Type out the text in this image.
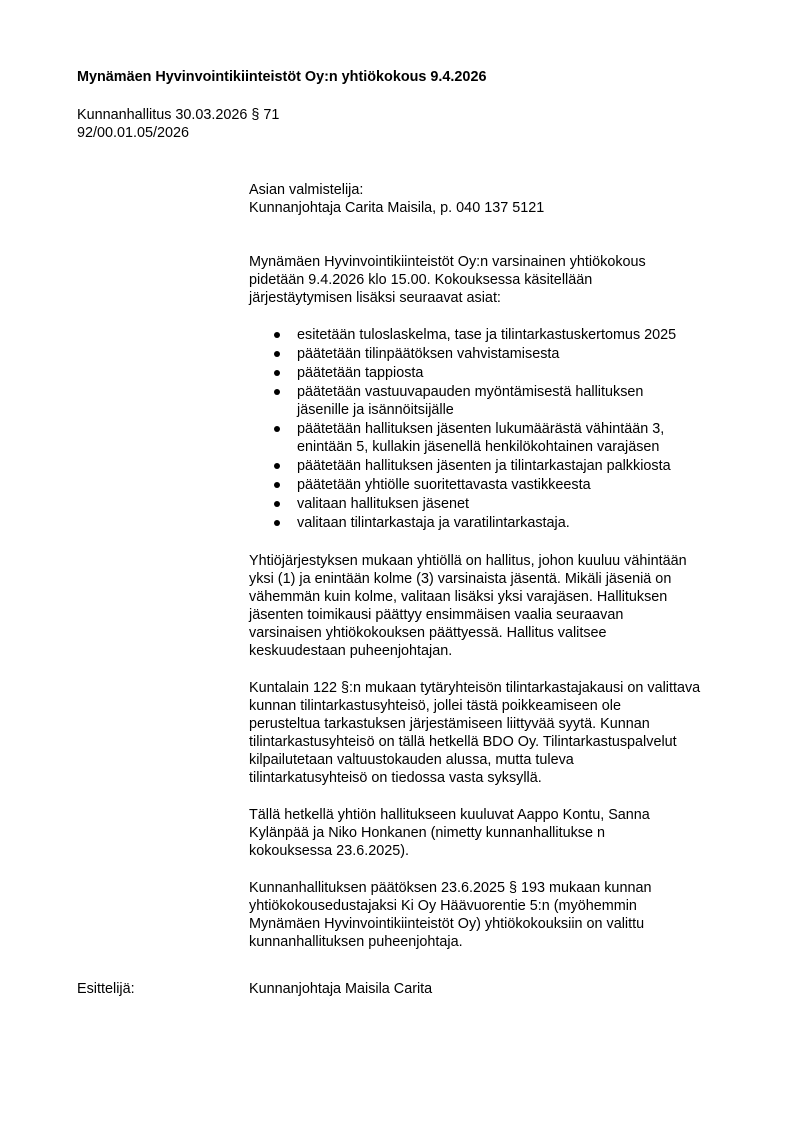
Mynämäen Hyvinvointikiinteistöt Oy:n yhtiökokous 9.4.2026
Kunnanhallitus 30.03.2026 § 71
92/00.01.05/2026
Asian valmistelija:
Kunnanjohtaja Carita Maisila, p. 040 137 5121
Mynämäen Hyvinvointikiinteistöt Oy:n varsinainen yhtiökokous
pidetään 9.4.2026 klo 15.00. Kokouksessa käsitellään
järjestäytymisen lisäksi seuraavat asiat:
esitetään tuloslaskelma, tase ja tilintarkastuskertomus 2025
päätetään tilinpäätöksen vahvistamisesta
päätetään tappiosta
päätetään vastuuvapauden myöntämisestä hallituksen
jäsenille ja isännöitsijälle
päätetään hallituksen jäsenten lukumäärästä vähintään 3,
enintään 5, kullakin jäsenellä henkilökohtainen varajäsen
päätetään hallituksen jäsenten ja tilintarkastajan palkkiosta
päätetään yhtiölle suoritettavasta vastikkeesta
valitaan hallituksen jäsenet
valitaan tilintarkastaja ja varatilintarkastaja.
Yhtiöjärjestyksen mukaan yhtiöllä on hallitus, johon kuuluu vähintään
yksi (1) ja enintään kolme (3) varsinaista jäsentä. Mikäli jäseniä on
vähemmän kuin kolme, valitaan lisäksi yksi varajäsen. Hallituksen
jäsenten toimikausi päättyy ensimmäisen vaalia seuraavan
varsinaisen yhtiökokouksen päättyessä. Hallitus valitsee
keskuudestaan puheenjohtajan.
Kuntalain 122 §:n mukaan tytäryhteisön tilintarkastajakausi on valittava
kunnan tilintarkastusyhteisö, jollei tästä poikkeamiseen ole
perusteltua tarkastuksen järjestämiseen liittyvää syytä. Kunnan
tilintarkastusyhteisö on tällä hetkellä BDO Oy. Tilintarkastuspalvelut
kilpailutetaan valtuustokauden alussa, mutta tuleva
tilintarkatusyhteisö on tiedossa vasta syksyllä.
Tällä hetkellä yhtiön hallitukseen kuuluvat Aappo Kontu, Sanna
Kylänpää ja Niko Honkanen (nimetty kunnanhallitukse n
kokouksessa 23.6.2025).
Kunnanhallituksen päätöksen 23.6.2025 § 193 mukaan kunnan
yhtiökokousedustajaksi Ki Oy Häävuorentie 5:n (myöhemmin
Mynämäen Hyvinvointikiinteistöt Oy) yhtiökokouksiin on valittu
kunnanhallituksen puheenjohtaja.
Esittelijä:	Kunnanjohtaja Maisila Carita
